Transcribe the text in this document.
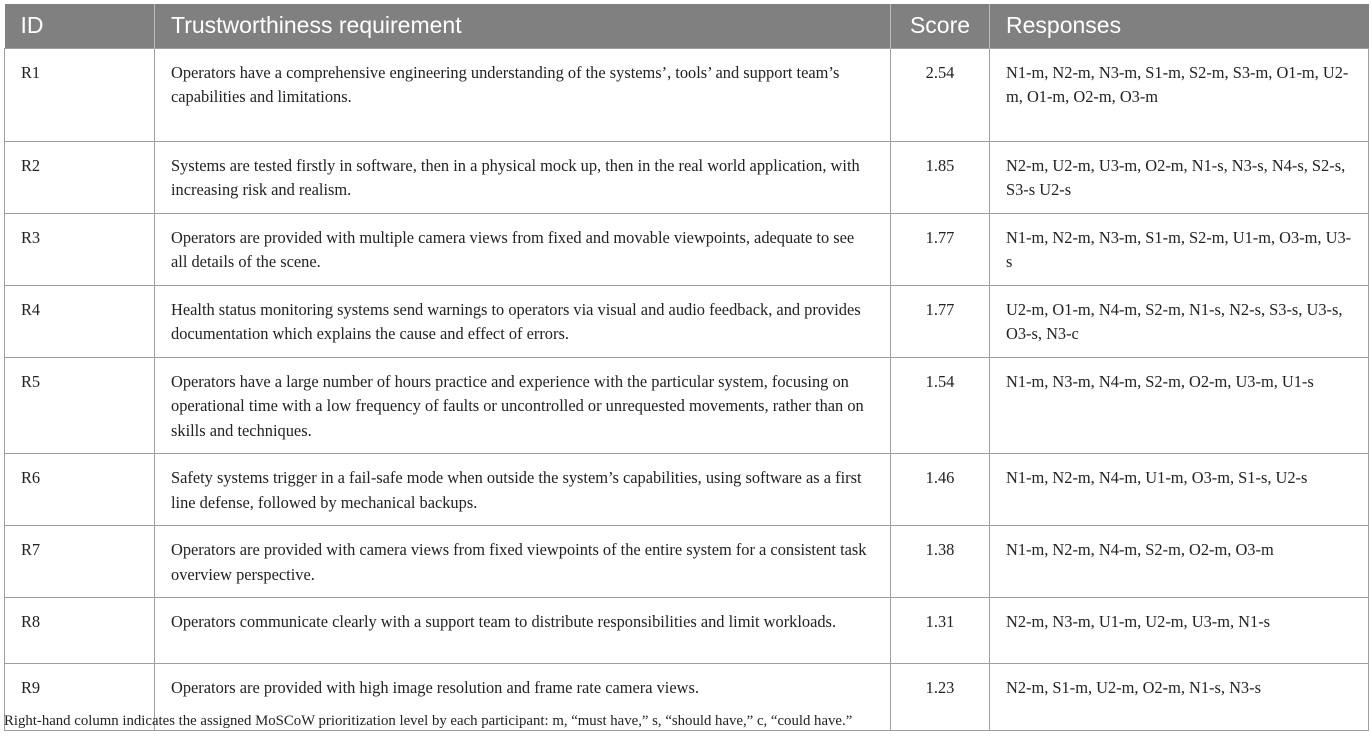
ID	Trustworthiness requirement	Score	Responses
R1	Operators have a comprehensive engineering understanding of the systems’, tools’ and support team’s capabilities and limitations.	2.54	N1-m, N2-m, N3-m, S1-m, S2-m, S3-m, O1-m, U2-m, O1-m, O2-m, O3-m
R2	Systems are tested firstly in software, then in a physical mock up, then in the real world application, with increasing risk and realism.	1.85	N2-m, U2-m, U3-m, O2-m, N1-s, N3-s, N4-s, S2-s, S3-s U2-s
R3	Operators are provided with multiple camera views from fixed and movable viewpoints, adequate to see all details of the scene.	1.77	N1-m, N2-m, N3-m, S1-m, S2-m, U1-m, O3-m, U3-s
R4	Health status monitoring systems send warnings to operators via visual and audio feedback, and provides documentation which explains the cause and effect of errors.	1.77	U2-m, O1-m, N4-m, S2-m, N1-s, N2-s, S3-s, U3-s, O3-s, N3-c
R5	Operators have a large number of hours practice and experience with the particular system, focusing on operational time with a low frequency of faults or uncontrolled or unrequested movements, rather than on skills and techniques.	1.54	N1-m, N3-m, N4-m, S2-m, O2-m, U3-m, U1-s
R6	Safety systems trigger in a fail-safe mode when outside the system’s capabilities, using software as a first line defense, followed by mechanical backups.	1.46	N1-m, N2-m, N4-m, U1-m, O3-m, S1-s, U2-s
R7	Operators are provided with camera views from fixed viewpoints of the entire system for a consistent task overview perspective.	1.38	N1-m, N2-m, N4-m, S2-m, O2-m, O3-m
R8	Operators communicate clearly with a support team to distribute responsibilities and limit workloads.	1.31	N2-m, N3-m, U1-m, U2-m, U3-m, N1-s
R9	Operators are provided with high image resolution and frame rate camera views.	1.23	N2-m, S1-m, U2-m, O2-m, N1-s, N3-s
Right-hand column indicates the assigned MoSCoW prioritization level by each participant: m, “must have,” s, “should have,” c, “could have.”
